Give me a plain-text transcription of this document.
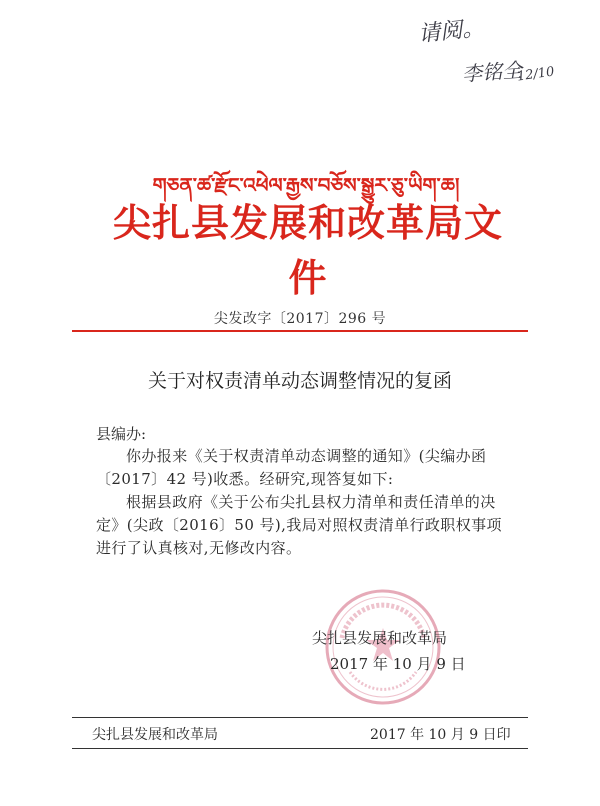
请阅。
李铭全
12/10
གཅན་ཚ་རྫོང་འཕེལ་རྒྱས་བཅོས་སྒྱུར་ཅུ་ཡིག་ཆ།
尖扎县发展和改革局文件
尖发改字〔2017〕296 号
关于对权责清单动态调整情况的复函
县编办:
你办报来《关于权责清单动态调整的通知》(尖编办函〔2017〕42 号)收悉。经研究,现答复如下:
根据县政府《关于公布尖扎县权力清单和责任清单的决定》(尖政〔2016〕50 号),我局对照权责清单行政职权事项进行了认真核对,无修改内容。
尖扎县发展和改革局
2017 年 10 月 9 日
尖扎县发展和改革局	2017 年 10 月 9 日印
